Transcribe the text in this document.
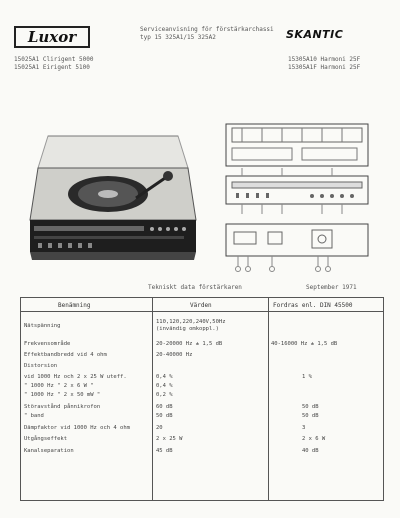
Luxor	SKANTIC
Serviceanvisning för förstärkarchassi
typ 15 325A1/15 325A2
15025A1 Clirigent 5000
15025A1 Eirigent 5100
15305A10 Harmoni 25F
15305A1F Harmoni 25F
Tekniskt data förstärkaren	September 1971
Benämning	Värden	Fordras enl. DIN 45500
Nätspänning
110,120,220,240V,50Hz
(invändig omkoppl.)
Frekvensområde	20-20000 Hz ± 1,5 dB	40-16000 Hz ± 1,5 dB
Effektbandbredd vid 4 ohm	20-40000 Hz
Distorsion
vid 1000 Hz och 2 x 25 W uteff.	0,4 %	1 %
" 1000 Hz " 2 x 6 W "	0,4 %
" 1000 Hz " 2 x 50 mW "	0,2 %
Störavstånd pånnikrofon	60 dB	50 dB
" band	50 dB	50 dB
Dämpfaktor vid 1000 Hz och 4 ohm	20	3
Utgångseffekt	2 x 25 W	2 x 6 W
Kanalseparation	45 dB	40 dB
